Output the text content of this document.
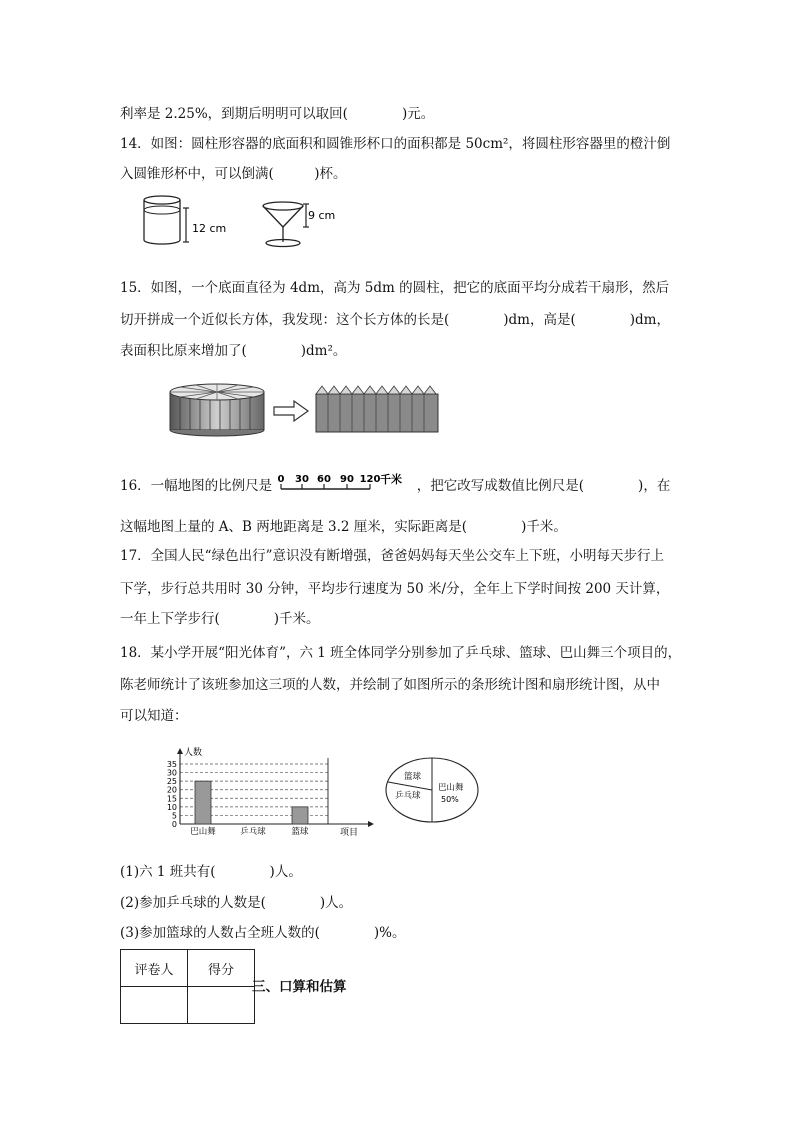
利率是 2.25%，到期后明明可以取回(　　　　)元。
14．如图：圆柱形容器的底面积和圆锥形杯口的面积都是 50cm²，将圆柱形容器里的橙汁倒
入圆锥形杯中，可以倒满(　　　)杯。
12 cm
9 cm
15．如图，一个底面直径为 4dm，高为 5dm 的圆柱，把它的底面平均分成若干扇形，然后
切开拼成一个近似长方体，我发现：这个长方体的长是(　　　　)dm，高是(　　　　)dm，
表面积比原来增加了(　　　　)dm²。
16．一幅地图的比例尺是 0 30 60 90 120 千米 ，把它改写成数值比例尺是(　　　　)，在
这幅地图上量的 A、B 两地距离是 3.2 厘米，实际距离是(　　　　)千米。
17．全国人民“绿色出行”意识没有断增强，爸爸妈妈每天坐公交车上下班，小明每天步行上
下学，步行总共用时 30 分钟，平均步行速度为 50 米/分，全年上下学时间按 200 天计算，
一年上下学步行(　　　　)千米。
18．某小学开展“阳光体育”，六 1 班全体同学分别参加了乒乓球、篮球、巴山舞三个项目的，
陈老师统计了该班参加这三项的人数，并绘制了如图所示的条形统计图和扇形统计图，从中
可以知道：
人数
项目
0
5
10
15
20
25
30
35
巴山舞	乒乓球	篮球
篮球
乒乓球
巴山舞
50%
(1)六 1 班共有(　　　　)人。
(2)参加乒乓球的人数是(　　　　)人。
(3)参加篮球的人数占全班人数的(　　　　)%。
评卷人	得分

三、口算和估算
